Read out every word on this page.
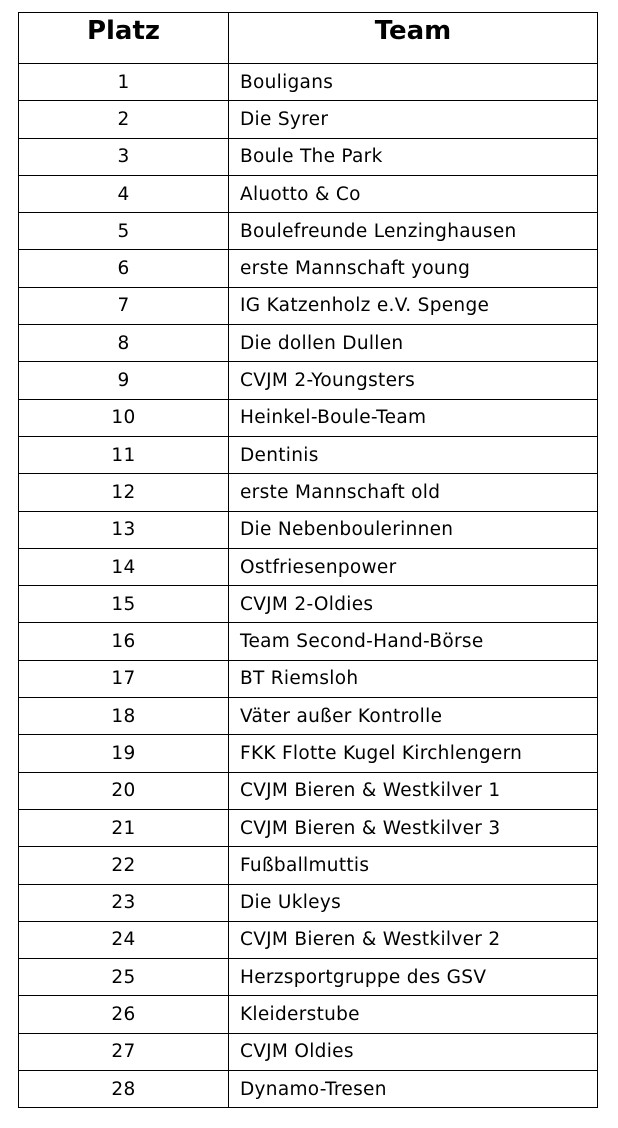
Platz	Team
1	Bouligans
2	Die Syrer
3	Boule The Park
4	Aluotto & Co
5	Boulefreunde Lenzinghausen
6	erste Mannschaft young
7	IG Katzenholz e.V. Spenge
8	Die dollen Dullen
9	CVJM 2-Youngsters
10	Heinkel-Boule-Team
11	Dentinis
12	erste Mannschaft old
13	Die Nebenboulerinnen
14	Ostfriesenpower
15	CVJM 2-Oldies
16	Team Second-Hand-Börse
17	BT Riemsloh
18	Väter außer Kontrolle
19	FKK Flotte Kugel Kirchlengern
20	CVJM Bieren & Westkilver 1
21	CVJM Bieren & Westkilver 3
22	Fußballmuttis
23	Die Ukleys
24	CVJM Bieren & Westkilver 2
25	Herzsportgruppe des GSV
26	Kleiderstube
27	CVJM Oldies
28	Dynamo-Tresen
